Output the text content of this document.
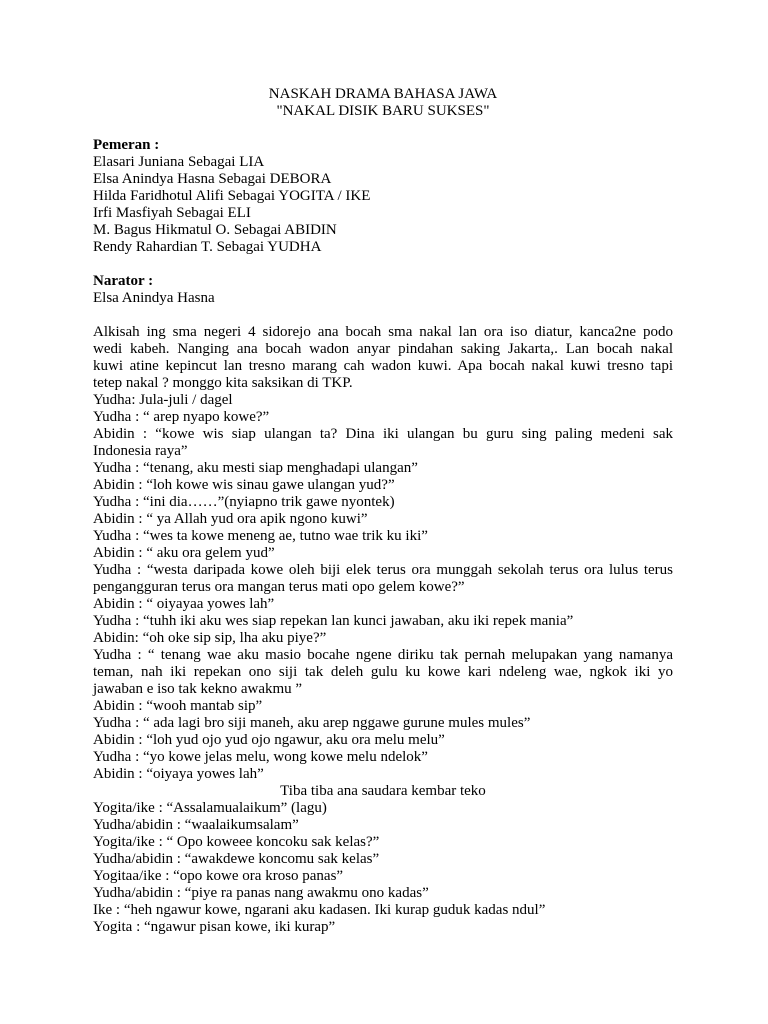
NASKAH DRAMA BAHASA JAWA
"NAKAL DISIK BARU SUKSES"
Pemeran :
Elasari Juniana Sebagai LIA
Elsa Anindya Hasna Sebagai DEBORA
Hilda Faridhotul Alifi Sebagai YOGITA / IKE
Irfi Masfiyah Sebagai ELI
M. Bagus Hikmatul O. Sebagai ABIDIN
Rendy Rahardian T. Sebagai YUDHA
Narator :
Elsa Anindya Hasna
Alkisah ing sma negeri 4 sidorejo ana bocah sma nakal lan ora iso diatur, kanca2ne podo
wedi kabeh. Nanging ana bocah wadon anyar pindahan saking Jakarta,. Lan bocah nakal
kuwi atine kepincut lan tresno marang cah wadon kuwi. Apa bocah nakal kuwi tresno tapi
tetep nakal ? monggo kita saksikan di TKP.
Yudha: Jula-juli / dagel
Yudha : “ arep nyapo kowe?”
Abidin : “kowe wis siap ulangan ta? Dina iki ulangan bu guru sing paling medeni sak
Indonesia raya”
Yudha : “tenang, aku mesti siap menghadapi ulangan”
Abidin : “loh kowe wis sinau gawe ulangan yud?”
Yudha : “ini dia……”(nyiapno trik gawe nyontek)
Abidin : “ ya Allah yud ora apik ngono kuwi”
Yudha : “wes ta kowe meneng ae, tutno wae trik ku iki”
Abidin : “ aku ora gelem yud”
Yudha : “westa daripada kowe oleh biji elek terus ora munggah sekolah terus ora lulus terus
pengangguran terus ora mangan terus mati opo gelem kowe?”
Abidin : “ oiyayaa yowes lah”
Yudha : “tuhh iki aku wes siap repekan lan kunci jawaban, aku iki repek mania”
Abidin: “oh oke sip sip, lha aku piye?”
Yudha : “ tenang wae aku masio bocahe ngene diriku tak pernah melupakan yang namanya
teman, nah iki repekan ono siji tak deleh gulu ku kowe kari ndeleng wae, ngkok iki yo
jawaban e iso tak kekno awakmu ”
Abidin : “wooh mantab sip”
Yudha : “ ada lagi bro siji maneh, aku arep nggawe gurune mules mules”
Abidin : “loh yud ojo yud ojo ngawur, aku ora melu melu”
Yudha : “yo kowe jelas melu, wong kowe melu ndelok”
Abidin : “oiyaya yowes lah”
Tiba tiba ana saudara kembar teko
Yogita/ike : “Assalamualaikum” (lagu)
Yudha/abidin : “waalaikumsalam”
Yogita/ike : “ Opo koweee koncoku sak kelas?”
Yudha/abidin : “awakdewe koncomu sak kelas”
Yogitaa/ike : “opo kowe ora kroso panas”
Yudha/abidin : “piye ra panas nang awakmu ono kadas”
Ike : “heh ngawur kowe, ngarani aku kadasen. Iki kurap guduk kadas ndul”
Yogita : “ngawur pisan kowe, iki kurap”
